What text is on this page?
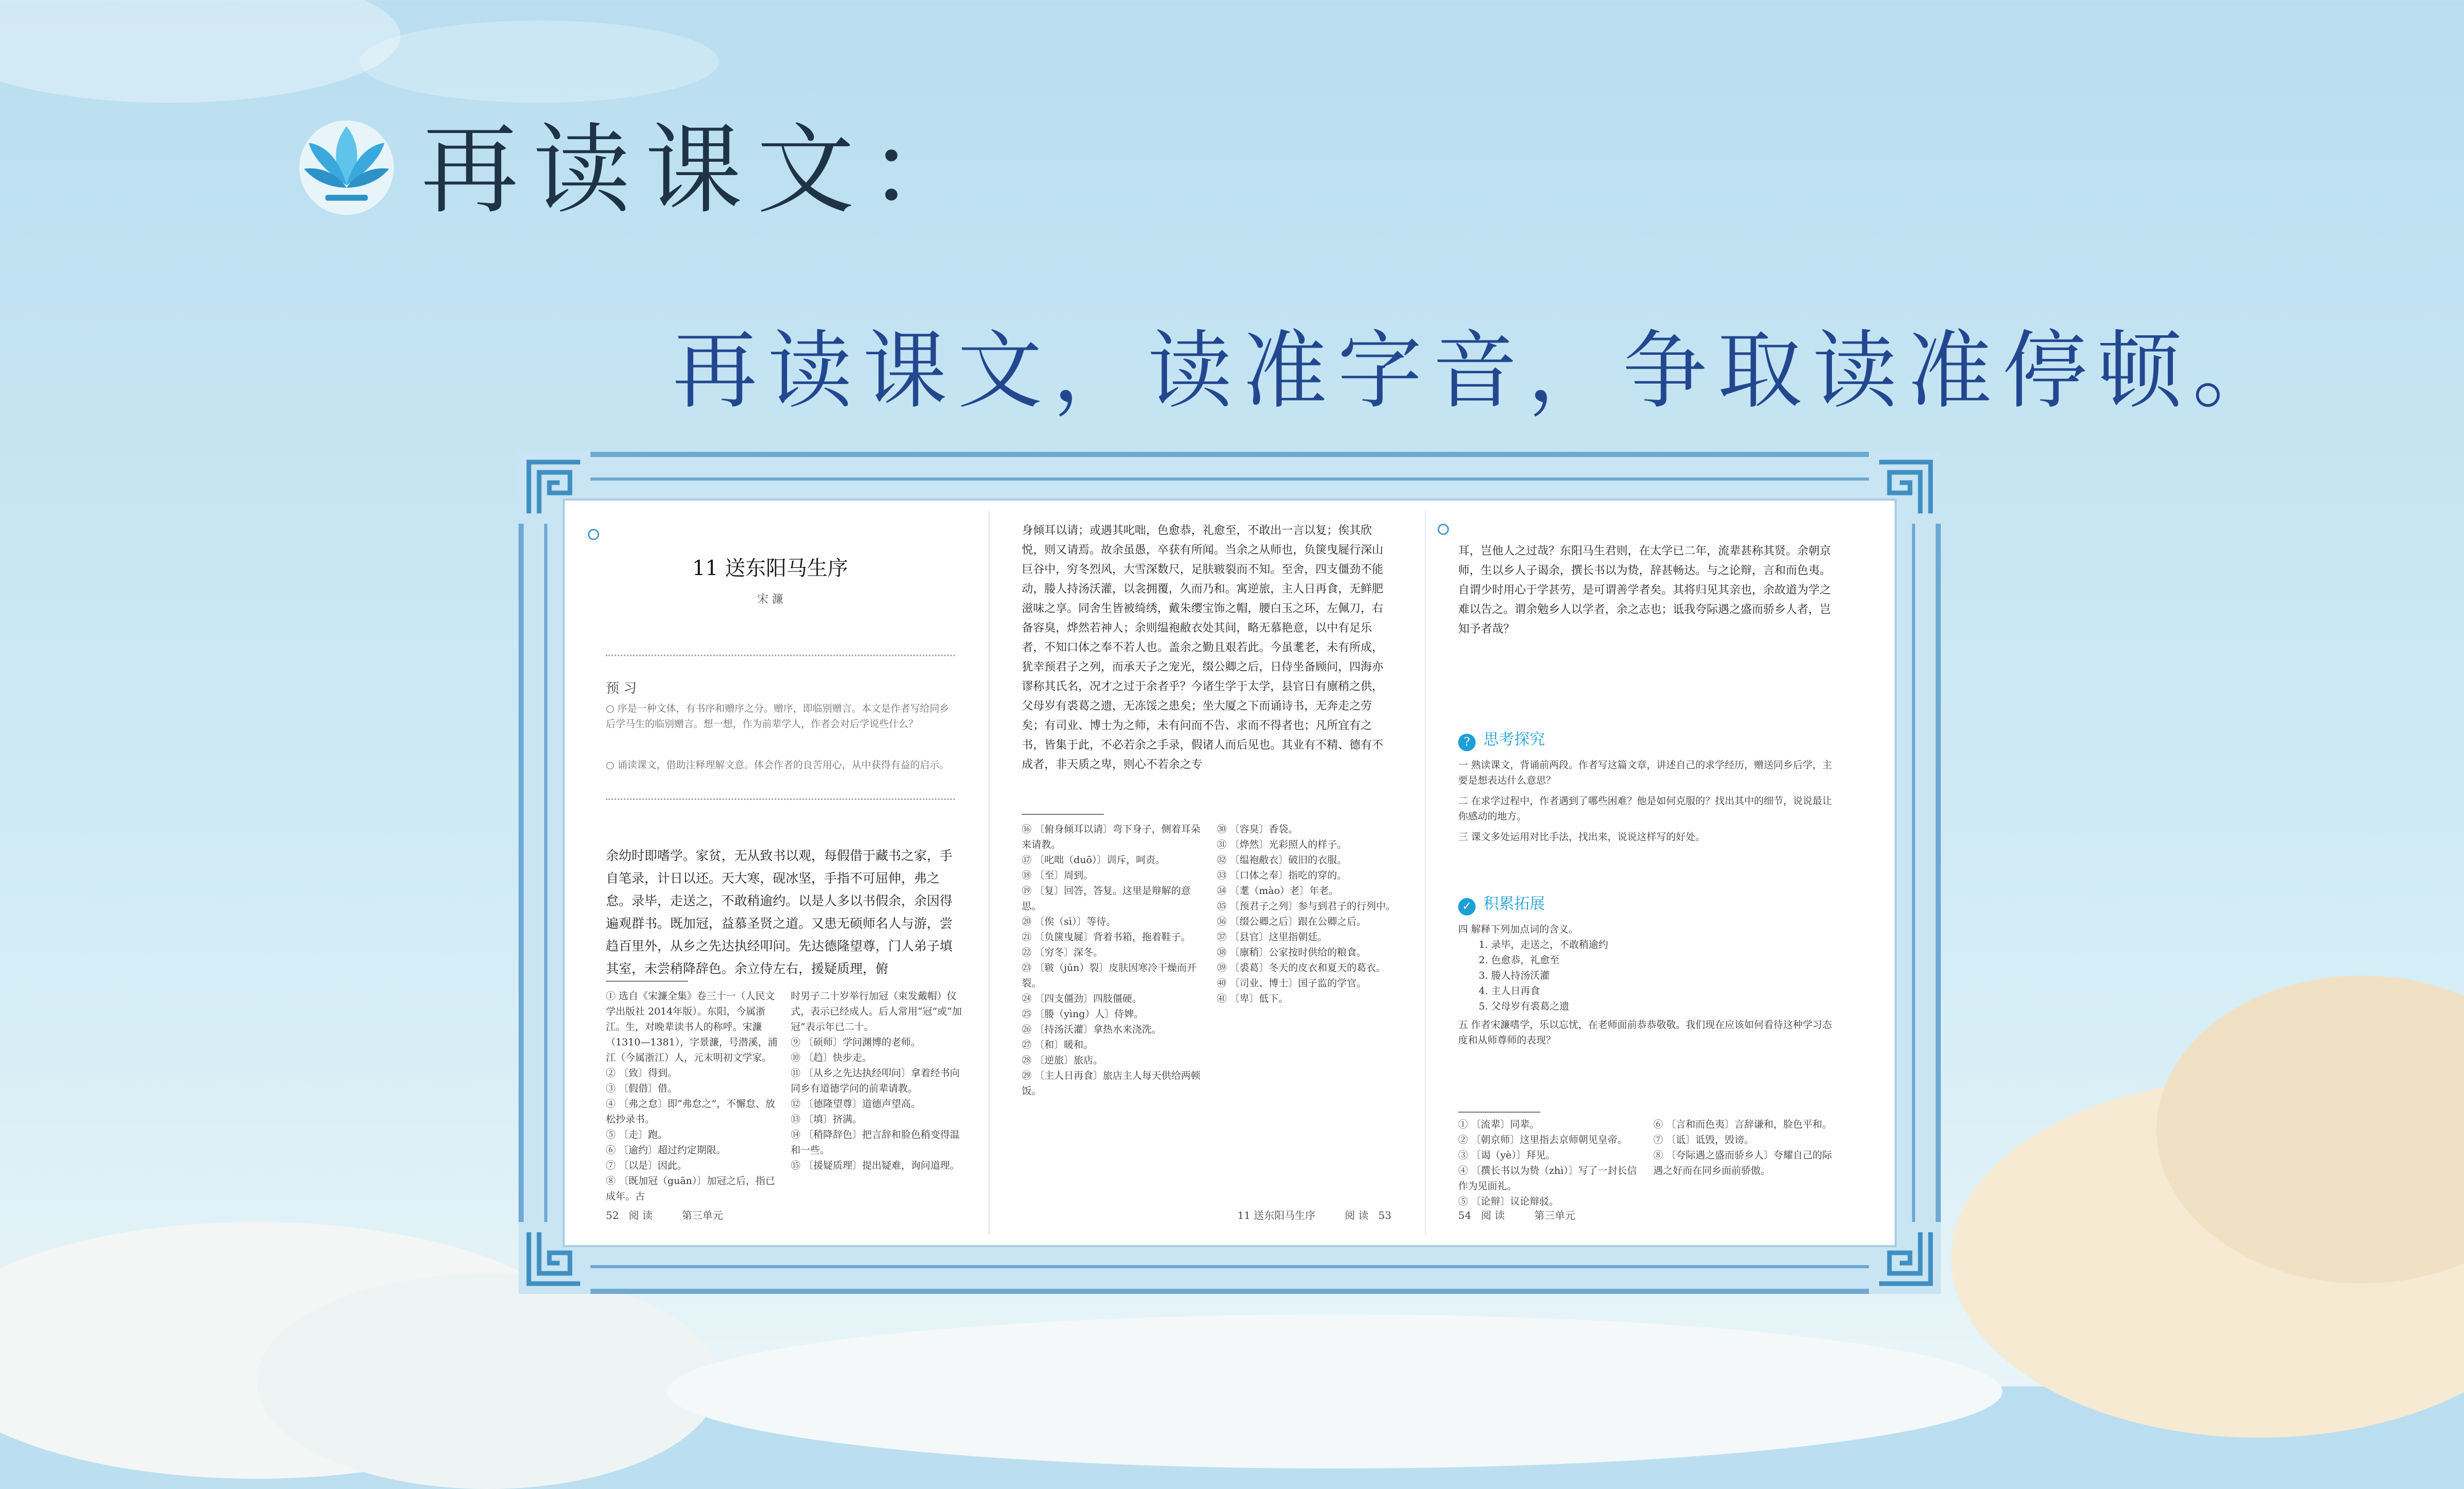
再读课文：
再读课文，读准字音，争取读准停顿。
11 送东阳马生序
宋 濂
预 习
○ 序是一种文体，有书序和赠序之分。赠序，即临别赠言。本文是作者写给同乡后学马生的临别赠言。想一想，作为前辈学人，作者会对后学说些什么？
○ 诵读课文，借助注释理解文意。体会作者的良苦用心，从中获得有益的启示。
余幼时即嗜学。家贫，无从致书以观，每假借于藏书之家，手自笔录，计日以还。天大寒，砚冰坚，手指不可屈伸，弗之怠。录毕，走送之，不敢稍逾约。以是人多以书假余，余因得遍观群书。既加冠，益慕圣贤之道。又患无硕师名人与游，尝趋百里外，从乡之先达执经叩问。先达德隆望尊，门人弟子填其室，未尝稍降辞色。余立侍左右，援疑质理，俯
① 选自《宋濂全集》卷三十一（人民文学出版社 2014年版）。东阳，今属浙江。生，对晚辈读书人的称呼。宋濂（1310—1381），字景濂，号潜溪，浦江（今属浙江）人，元末明初文学家。
② 〔致〕得到。
③ 〔假借〕借。
④ 〔弗之怠〕即“弗怠之”，不懈怠、放松抄录书。
⑤ 〔走〕跑。
⑥ 〔逾约〕超过约定期限。
⑦ 〔以是〕因此。
⑧ 〔既加冠（guān）〕加冠之后，指已成年。古
时男子二十岁举行加冠（束发戴帽）仪式，表示已经成人。后人常用“冠”或“加冠”表示年已二十。
⑨ 〔硕师〕学问渊博的老师。
⑩ 〔趋〕快步走。
⑪ 〔从乡之先达执经叩问〕拿着经书向同乡有道德学问的前辈请教。
⑫ 〔德隆望尊〕道德声望高。
⑬ 〔填〕挤满。
⑭ 〔稍降辞色〕把言辞和脸色稍变得温和一些。
⑮ 〔援疑质理〕提出疑难，询问道理。
52 阅 读	第三单元
身倾耳以请；或遇其叱咄，色愈恭，礼愈至，不敢出一言以复；俟其欣悦，则又请焉。故余虽愚，卒获有所闻。当余之从师也，负箧曳屣行深山巨谷中，穷冬烈风，大雪深数尺，足肤皲裂而不知。至舍，四支僵劲不能动，媵人持汤沃灌，以衾拥覆，久而乃和。寓逆旅，主人日再食，无鲜肥滋味之享。同舍生皆被绮绣，戴朱缨宝饰之帽，腰白玉之环，左佩刀，右备容臭，烨然若神人；余则缊袍敝衣处其间，略无慕艳意，以中有足乐者，不知口体之奉不若人也。盖余之勤且艰若此。今虽耄老，未有所成，犹幸预君子之列，而承天子之宠光，缀公卿之后，日侍坐备顾问，四海亦谬称其氏名，况才之过于余者乎？今诸生学于太学，县官日有廪稍之供，父母岁有裘葛之遗，无冻馁之患矣；坐大厦之下而诵诗书，无奔走之劳矣；有司业、博士为之师，未有问而不告、求而不得者也；凡所宜有之书，皆集于此，不必若余之手录，假诸人而后见也。其业有不精、德有不成者，非天质之卑，则心不若余之专
⑯ 〔俯身倾耳以请〕弯下身子，侧着耳朵来请教。
⑰ 〔叱咄（duō）〕训斥，呵责。
⑱ 〔至〕周到。
⑲ 〔复〕回答，答复。这里是辩解的意思。
⑳ 〔俟（sì）〕等待。
㉑ 〔负箧曳屣〕背着书箱，拖着鞋子。
㉒ 〔穷冬〕深冬。
㉓ 〔皲（jūn）裂〕皮肤因寒冷干燥而开裂。
㉔ 〔四支僵劲〕四肢僵硬。
㉕ 〔媵（yìng）人〕侍婢。
㉖ 〔持汤沃灌〕拿热水来浇洗。
㉗ 〔和〕暖和。
㉘ 〔逆旅〕旅店。
㉙ 〔主人日再食〕旅店主人每天供给两顿饭。
㉚ 〔容臭〕香袋。
㉛ 〔烨然〕光彩照人的样子。
㉜ 〔缊袍敝衣〕破旧的衣服。
㉝ 〔口体之奉〕指吃的穿的。
㉞ 〔耄（mào）老〕年老。
㉟ 〔预君子之列〕参与到君子的行列中。
㊱ 〔缀公卿之后〕跟在公卿之后。
㊲ 〔县官〕这里指朝廷。
㊳ 〔廪稍〕公家按时供给的粮食。
㊴ 〔裘葛〕冬天的皮衣和夏天的葛衣。
㊵ 〔司业、博士〕国子监的学官。
㊶ 〔卑〕低下。
11 送东阳马生序	阅 读 53
耳，岂他人之过哉？东阳马生君则，在太学已二年，流辈甚称其贤。余朝京师，生以乡人子谒余，撰长书以为贽，辞甚畅达。与之论辩，言和而色夷。自谓少时用心于学甚劳，是可谓善学者矣。其将归见其亲也，余故道为学之难以告之。谓余勉乡人以学者，余之志也；诋我夸际遇之盛而骄乡人者，岂知予者哉？
? 思考探究
一 熟读课文，背诵前两段。作者写这篇文章，讲述自己的求学经历，赠送同乡后学，主要是想表达什么意思？
二 在求学过程中，作者遇到了哪些困难？他是如何克服的？找出其中的细节，说说最让你感动的地方。
三 课文多处运用对比手法，找出来，说说这样写的好处。
✓ 积累拓展
四 解释下列加点词的含义。
1. 录毕，走送之，不敢稍逾约
2. 色愈恭，礼愈至
3. 媵人持汤沃灌
4. 主人日再食
5. 父母岁有裘葛之遗
五 作者宋濂嗜学，乐以忘忧，在老师面前恭恭敬敬。我们现在应该如何看待这种学习态度和从师尊师的表现？
① 〔流辈〕同辈。
② 〔朝京师〕这里指去京师朝见皇帝。
③ 〔谒（yè）〕拜见。
④ 〔撰长书以为贽（zhì）〕写了一封长信作为见面礼。
⑤ 〔论辩〕议论辩驳。
⑥ 〔言和而色夷〕言辞谦和，脸色平和。
⑦ 〔诋〕诋毁，毁谤。
⑧ 〔夸际遇之盛而骄乡人〕夸耀自己的际遇之好而在同乡面前骄傲。
54 阅 读	第三单元
